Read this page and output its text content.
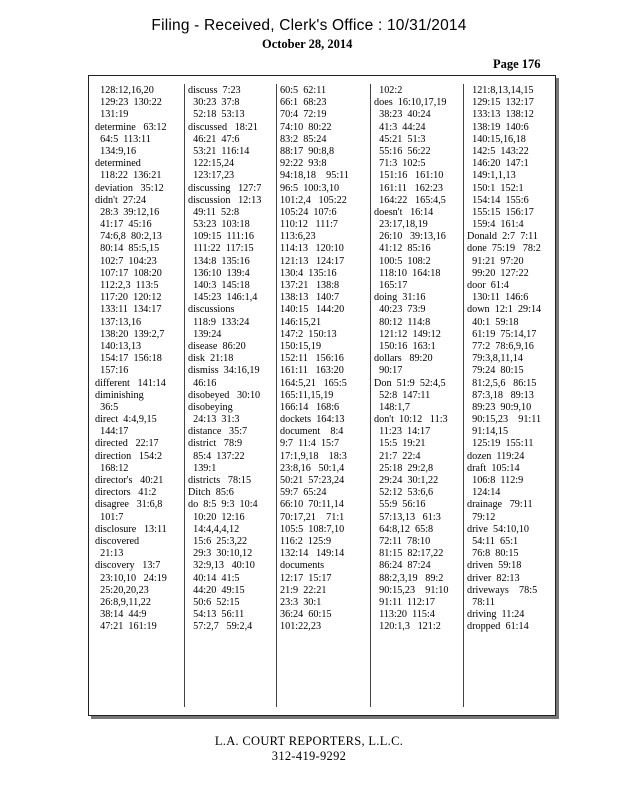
Filing - Received, Clerk's Office : 10/31/2014
October 28, 2014
Page 176
128:12,16,20
129:23  130:22
131:19
determine   63:12
64:5  113:11
134:9,16
determined
118:22  136:21
deviation   35:12
didn't  27:24
28:3  39:12,16
41:17  45:16
74:6,8  80:2,13
80:14  85:5,15
102:7  104:23
107:17  108:20
112:2,3  113:5
117:20  120:12
133:11  134:17
137:13,16
138:20  139:2,7
140:13,13
154:17  156:18
157:16
different   141:14
diminishing
36:5
direct  4:4,9,15
144:17
directed   22:17
direction   154:2
168:12
director's   40:21
directors   41:2
disagree   31:6,8
101:7
disclosure   13:11
discovered
21:13
discovery   13:7
23:10,10   24:19
25:20,20,23
26:8,9,11,22
38:14  44:9
47:21  161:19
discuss  7:23
30:23  37:8
52:18  53:13
discussed   18:21
46:21  47:6
53:21  116:14
122:15,24
123:17,23
discussing   127:7
discussion   12:13
49:11  52:8
53:23  103:18
109:15  111:16
111:22  117:15
134:8  135:16
136:10  139:4
140:3  145:18
145:23  146:1,4
discussions
118:9  133:24
139:24
disease  86:20
disk  21:18
dismiss  34:16,19
46:16
disobeyed   30:10
disobeying
24:13  31:3
distance   35:7
district   78:9
85:4  137:22
139:1
districts   78:15
Ditch  85:6
do  8:5  9:3  10:4
10:20  12:16
14:4,4,4,12
15:6  25:3,22
29:3  30:10,12
32:9,13   40:10
40:14  41:5
44:20  49:15
50:6  52:15
54:13  56:11
57:2,7   59:2,4
60:5  62:11
66:1  68:23
70:4  72:19
74:10  80:22
83:2  85:24
88:17  90:8,8
92:22  93:8
94:18,18    95:11
96:5  100:3,10
101:2,4   105:22
105:24  107:6
110:12   111:7
113:6,23
114:13   120:10
121:13   124:17
130:4  135:16
137:21   138:8
138:13   140:7
140:15   144:20
146:15,21
147:2  150:13
150:15,19
152:11   156:16
161:11   163:20
164:5,21   165:5
165:11,15,19
166:14   168:6
dockets  164:13
document    8:4
9:7  11:4  15:7
17:1,9,18    18:3
23:8,16   50:1,4
50:21  57:23,24
59:7  65:24
66:10  70:11,14
70:17,21    71:1
105:5  108:7,10
116:2  125:9
132:14   149:14
documents
12:17  15:17
21:9  22:21
23:3  30:1
36:24  60:15
101:22,23
102:2
does  16:10,17,19
38:23  40:24
41:3  44:24
45:21  51:3
55:16  56:22
71:3  102:5
151:16   161:10
161:11   162:23
164:22   165:4,5
doesn't   16:14
23:17,18,19
26:10   39:13,16
41:12  85:16
100:5  108:2
118:10  164:18
165:17
doing  31:16
40:23  73:9
80:12  114:8
121:12  149:12
150:16  163:1
dollars   89:20
90:17
Don  51:9  52:4,5
52:8  147:11
148:1,7
don't  10:12   11:3
11:23  14:17
15:5  19:21
21:7  22:4
25:18  29:2,8
29:24  30:1,22
52:12  53:6,6
55:9  56:16
57:13,13   61:3
64:8,12  65:8
72:11  78:10
81:15  82:17,22
86:24  87:24
88:2,3,19   89:2
90:15,23    91:10
91:11  112:17
113:20  115:4
120:1,3   121:2
121:8,13,14,15
129:15  132:17
133:13  138:12
138:19  140:6
140:15,16,18
142:5  143:22
146:20  147:1
149:1,1,13
150:1  152:1
154:14  155:6
155:15  156:17
159:4  161:4
Donald  2:7  7:11
done  75:19   78:2
91:21  97:20
99:20  127:22
door  61:4
130:11  146:6
down  12:1  29:14
40:1  59:18
61:19  75:14,17
77:2  78:6,9,16
79:3,8,11,14
79:24  80:15
81:2,5,6   86:15
87:3,18   89:13
89:23  90:9,10
90:15,23    91:11
91:14,15
125:19  155:11
dozen  119:24
draft  105:14
106:8  112:9
124:14
drainage   79:11
79:12
drive  54:10,10
54:11  65:1
76:8  80:15
driven  59:18
driver  82:13
driveways    78:5
78:11
driving  11:24
dropped  61:14
L.A. COURT REPORTERS, L.L.C.
312-419-9292
